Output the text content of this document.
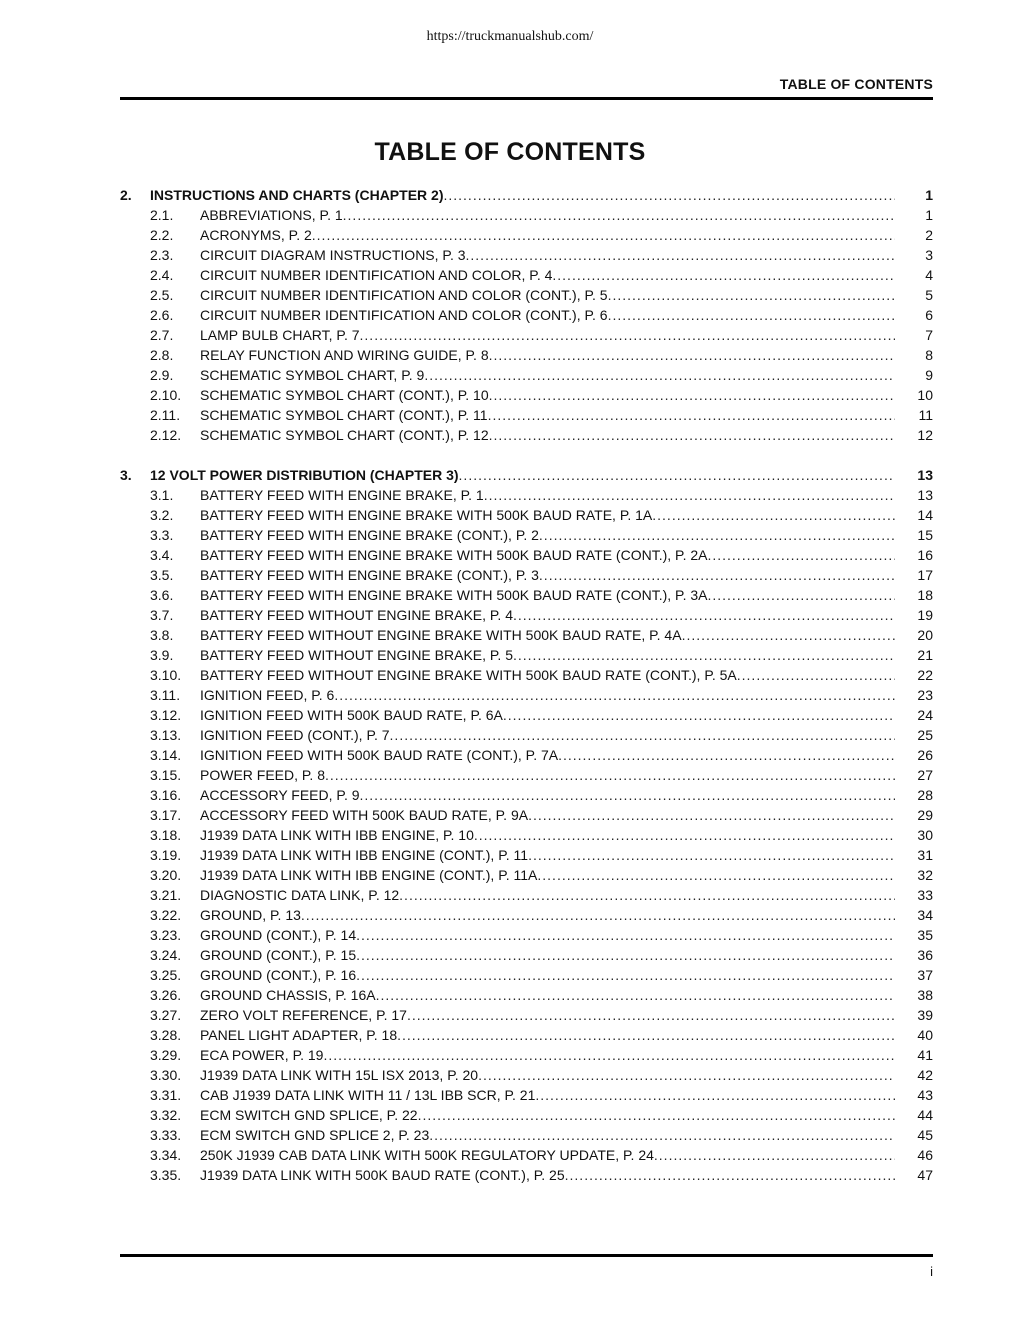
https://truckmanualshub.com/
TABLE OF CONTENTS
TABLE OF CONTENTS
2.	INSTRUCTIONS AND CHARTS (CHAPTER 2) .....	1
2.1.	ABBREVIATIONS, P. 1 .....	1
2.2.	ACRONYMS, P. 2 .....	2
2.3.	CIRCUIT DIAGRAM INSTRUCTIONS, P. 3 .....	3
2.4.	CIRCUIT NUMBER IDENTIFICATION AND COLOR, P. 4 .....	4
2.5.	CIRCUIT NUMBER IDENTIFICATION AND COLOR (CONT.), P. 5 .....	5
2.6.	CIRCUIT NUMBER IDENTIFICATION AND COLOR (CONT.), P. 6 .....	6
2.7.	LAMP BULB CHART, P. 7 .....	7
2.8.	RELAY FUNCTION AND WIRING GUIDE, P. 8 .....	8
2.9.	SCHEMATIC SYMBOL CHART, P. 9 .....	9
2.10.	SCHEMATIC SYMBOL CHART (CONT.), P. 10 .....	10
2.11.	SCHEMATIC SYMBOL CHART (CONT.), P. 11 .....	11
2.12.	SCHEMATIC SYMBOL CHART (CONT.), P. 12 .....	12
3.	12 VOLT POWER DISTRIBUTION (CHAPTER 3) .....	13
3.1.	BATTERY FEED WITH ENGINE BRAKE, P. 1 .....	13
3.2.	BATTERY FEED WITH ENGINE BRAKE WITH 500K BAUD RATE, P. 1A .....	14
3.3.	BATTERY FEED WITH ENGINE BRAKE (CONT.), P. 2 .....	15
3.4.	BATTERY FEED WITH ENGINE BRAKE WITH 500K BAUD RATE (CONT.), P. 2A .....	16
3.5.	BATTERY FEED WITH ENGINE BRAKE (CONT.), P. 3 .....	17
3.6.	BATTERY FEED WITH ENGINE BRAKE WITH 500K BAUD RATE (CONT.), P. 3A .....	18
3.7.	BATTERY FEED WITHOUT ENGINE BRAKE, P. 4 .....	19
3.8.	BATTERY FEED WITHOUT ENGINE BRAKE WITH 500K BAUD RATE, P. 4A .....	20
3.9.	BATTERY FEED WITHOUT ENGINE BRAKE, P. 5 .....	21
3.10.	BATTERY FEED WITHOUT ENGINE BRAKE WITH 500K BAUD RATE (CONT.), P. 5A .....	22
3.11.	IGNITION FEED, P. 6 .....	23
3.12.	IGNITION FEED WITH 500K BAUD RATE, P. 6A .....	24
3.13.	IGNITION FEED (CONT.), P. 7 .....	25
3.14.	IGNITION FEED WITH 500K BAUD RATE (CONT.), P. 7A .....	26
3.15.	POWER FEED, P. 8 .....	27
3.16.	ACCESSORY FEED, P. 9 .....	28
3.17.	ACCESSORY FEED WITH 500K BAUD RATE, P. 9A .....	29
3.18.	J1939 DATA LINK WITH IBB ENGINE, P. 10 .....	30
3.19.	J1939 DATA LINK WITH IBB ENGINE (CONT.), P. 11 .....	31
3.20.	J1939 DATA LINK WITH IBB ENGINE (CONT.), P. 11A .....	32
3.21.	DIAGNOSTIC DATA LINK, P. 12 .....	33
3.22.	GROUND, P. 13 .....	34
3.23.	GROUND (CONT.), P. 14 .....	35
3.24.	GROUND (CONT.), P. 15 .....	36
3.25.	GROUND (CONT.), P. 16 .....	37
3.26.	GROUND CHASSIS, P. 16A .....	38
3.27.	ZERO VOLT REFERENCE, P. 17 .....	39
3.28.	PANEL LIGHT ADAPTER, P. 18 .....	40
3.29.	ECA POWER, P. 19 .....	41
3.30.	J1939 DATA LINK WITH 15L ISX 2013, P. 20 .....	42
3.31.	CAB J1939 DATA LINK WITH 11 / 13L IBB SCR, P. 21 .....	43
3.32.	ECM SWITCH GND SPLICE, P. 22 .....	44
3.33.	ECM SWITCH GND SPLICE 2, P. 23 .....	45
3.34.	250K J1939 CAB DATA LINK WITH 500K REGULATORY UPDATE, P. 24 .....	46
3.35.	J1939 DATA LINK WITH 500K BAUD RATE (CONT.), P. 25 .....	47
i
